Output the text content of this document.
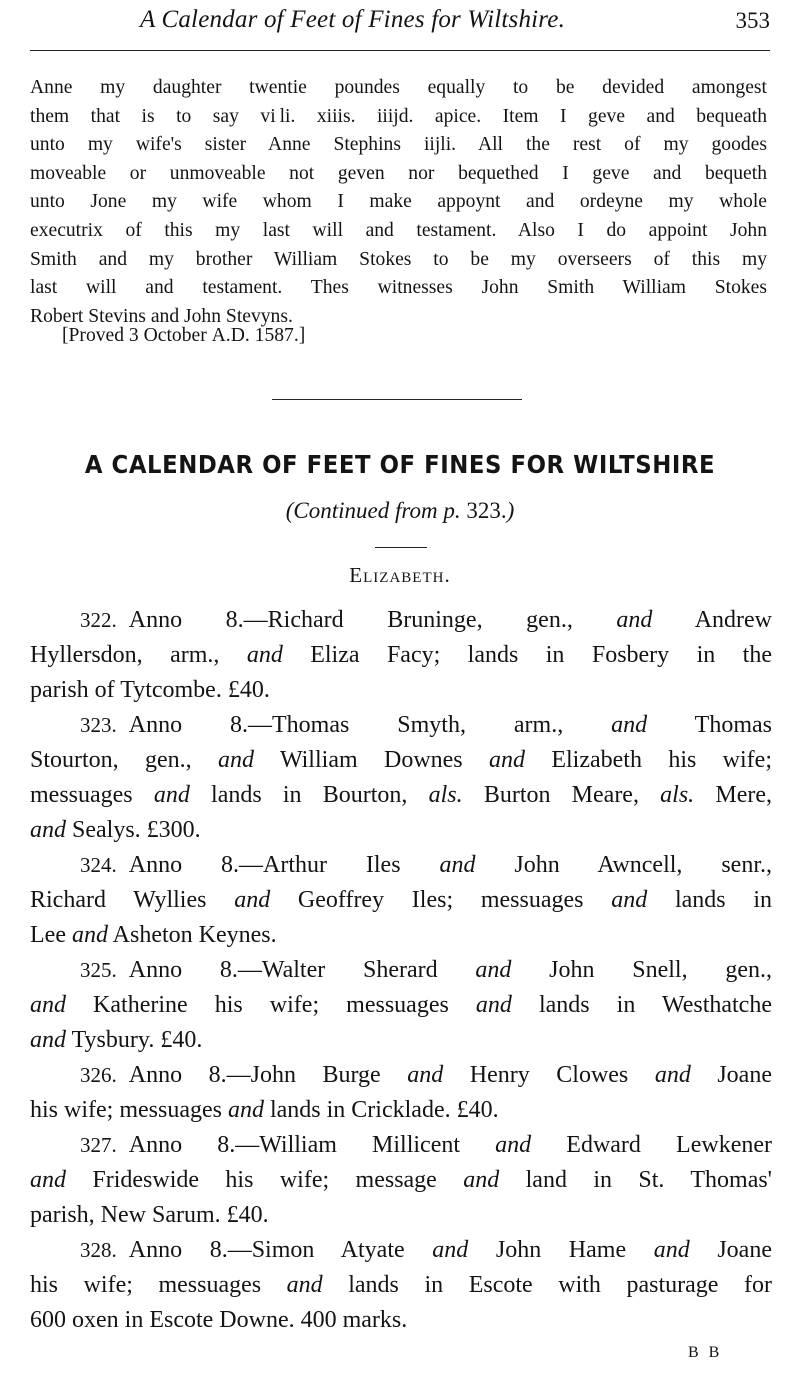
A Calendar of Feet of Fines for Wiltshire.	353
Anne my daughter twentie poundes equally to be devided amongest
them that is to say vi li. xiiis. iiijd. apice. Item I geve and bequeath
unto my wife's sister Anne Stephins iijli. All the rest of my goodes
moveable or unmoveable not geven nor bequethed I geve and bequeth
unto Jone my wife whom I make appoynt and ordeyne my whole
executrix of this my last will and testament. Also I do appoint John
Smith and my brother William Stokes to be my overseers of this my
last will and testament. Thes witnesses John Smith William Stokes
Robert Stevins and John Stevyns.
[Proved 3 October A.D. 1587.]
A CALENDAR OF FEET OF FINES FOR WILTSHIRE
(Continued from p. 323.)
Elizabeth.
322.  Anno 8.—Richard Bruninge, gen., and Andrew
Hyllersdon, arm., and Eliza Facy; lands in Fosbery in the
parish of Tytcombe. £40.
323.  Anno 8.—Thomas Smyth, arm., and Thomas
Stourton, gen., and William Downes and Elizabeth his wife;
messuages and lands in Bourton, als. Burton Meare, als. Mere,
and Sealys. £300.
324.  Anno 8.—Arthur Iles and John Awncell, senr.,
Richard Wyllies and Geoffrey Iles; messuages and lands in
Lee and Asheton Keynes.
325.  Anno 8.—Walter Sherard and John Snell, gen.,
and Katherine his wife; messuages and lands in Westhatche
and Tysbury. £40.
326.  Anno 8.—John Burge and Henry Clowes and Joane
his wife; messuages and lands in Cricklade. £40.
327.  Anno 8.—William Millicent and Edward Lewkener
and Frideswide his wife; message and land in St. Thomas'
parish, New Sarum. £40.
328.  Anno 8.—Simon Atyate and John Hame and Joane
his wife; messuages and lands in Escote with pasturage for
600 oxen in Escote Downe. 400 marks.
B B
